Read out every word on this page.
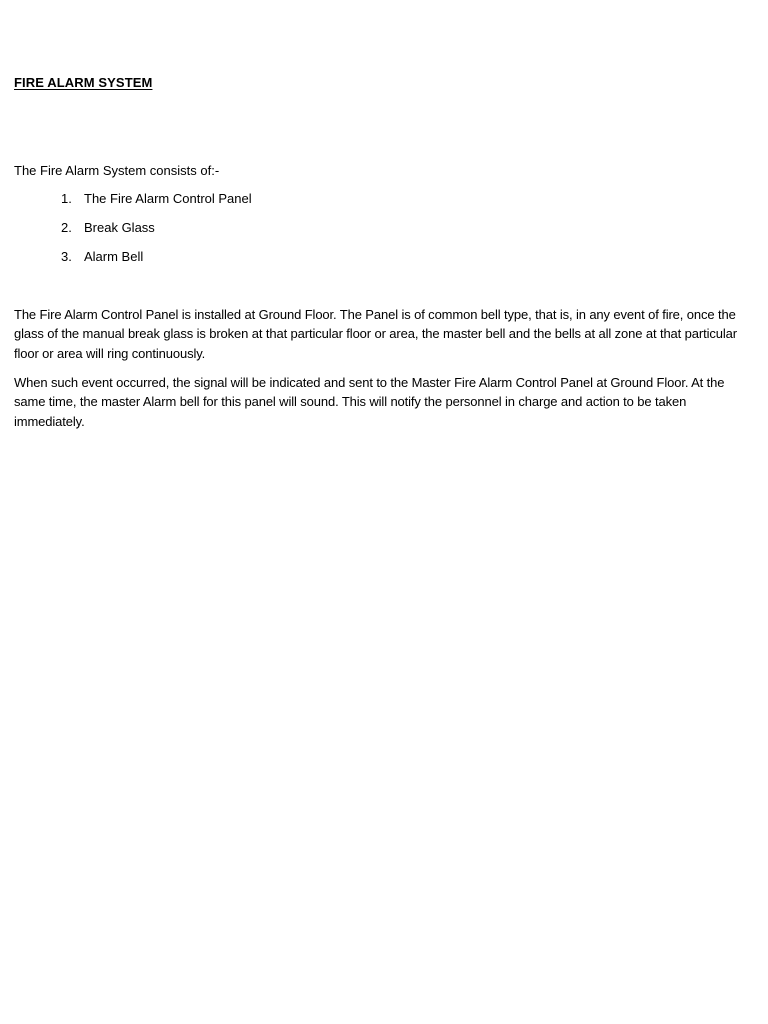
FIRE ALARM SYSTEM

The Fire Alarm System consists of:-

1. The Fire Alarm Control Panel
2. Break Glass
3. Alarm Bell

The Fire Alarm Control Panel is installed at Ground Floor. The Panel is of common bell type, that is, in any event of fire, once the glass of the manual break glass is broken at that particular floor or area, the master bell and the bells at all zone at that particular floor or area will ring continuously.

When such event occurred, the signal will be indicated and sent to the Master Fire Alarm Control Panel at Ground Floor. At the same time, the master Alarm bell for this panel will sound. This will notify the personnel in charge and action to be taken immediately.
